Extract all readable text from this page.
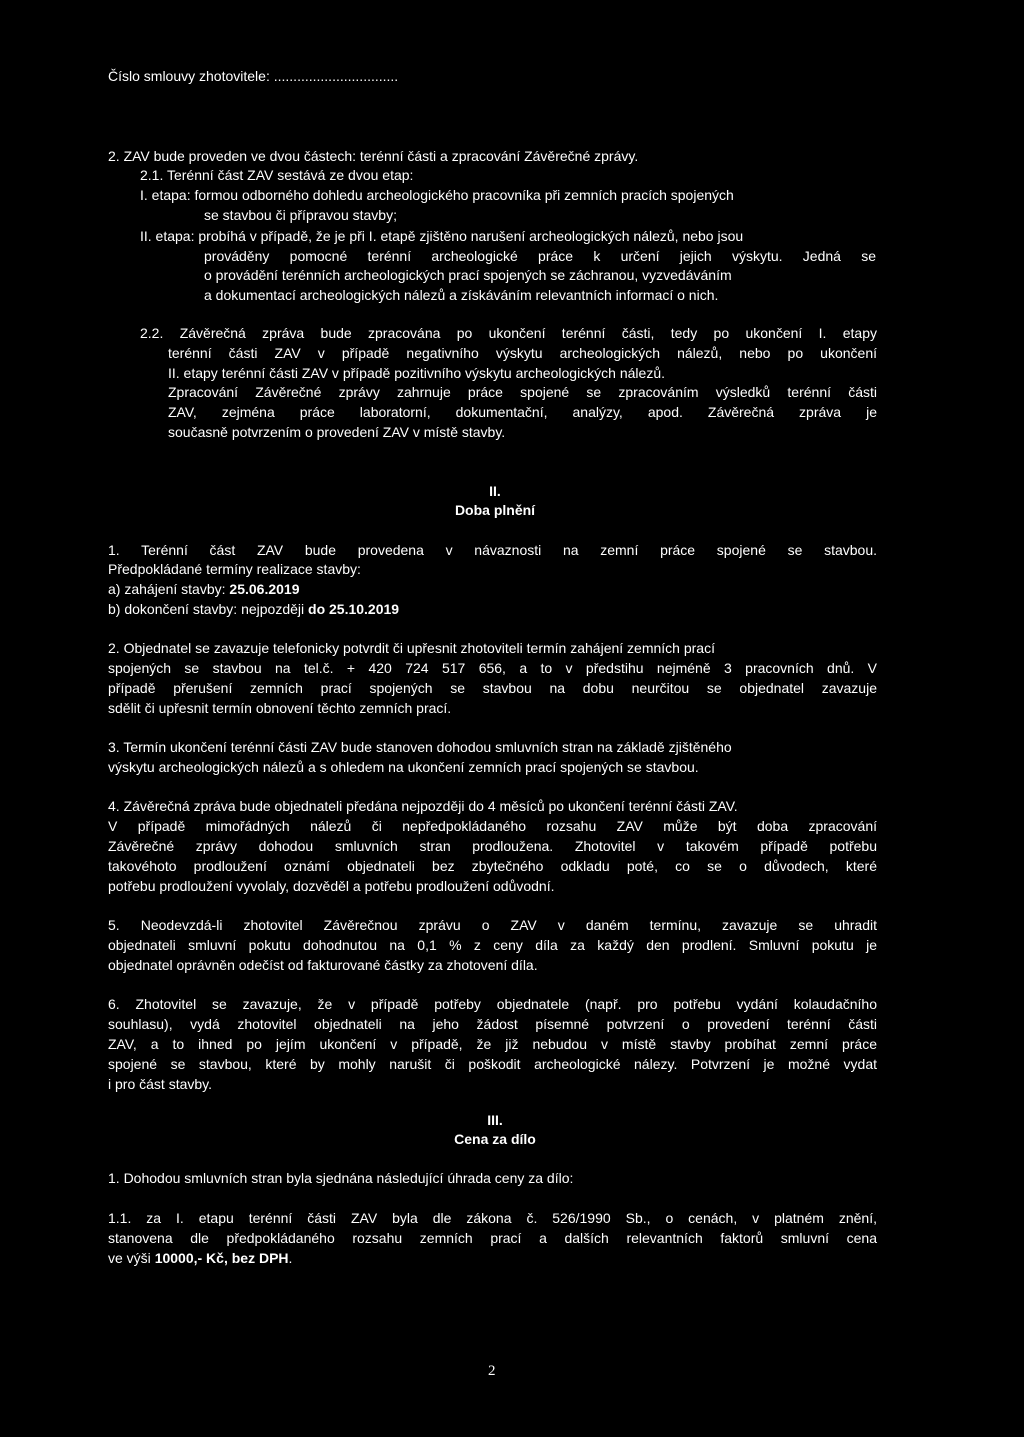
Číslo smlouvy zhotovitele: ................................
2. ZAV bude proveden ve dvou částech: terénní části a zpracování Závěrečné zprávy.
2.1. Terénní část ZAV sestává ze dvou etap:
I. etapa: formou odborného dohledu archeologického pracovníka při zemních pracích spojených
se stavbou či přípravou stavby;
II. etapa: probíhá v případě, že je při I. etapě zjištěno narušení archeologických nálezů, nebo jsou
prováděny pomocné terénní archeologické práce k určení jejich výskytu. Jedná se
o provádění terénních archeologických prací spojených se záchranou, vyzvedáváním
a dokumentací archeologických nálezů a získáváním relevantních informací o nich.
2.2. Závěrečná zpráva bude zpracována po ukončení terénní části, tedy po ukončení I. etapy
terénní části ZAV v případě negativního výskytu archeologických nálezů, nebo po ukončení
II. etapy terénní části ZAV v případě pozitivního výskytu archeologických nálezů.
Zpracování Závěrečné zprávy zahrnuje práce spojené se zpracováním výsledků terénní části
ZAV, zejména práce laboratorní, dokumentační, analýzy, apod. Závěrečná zpráva je
současně potvrzením o provedení ZAV v místě stavby.
II.
Doba plnění
1. Terénní část ZAV bude provedena v návaznosti na zemní práce spojené se stavbou.
Předpokládané termíny realizace stavby:
a) zahájení stavby: 25.06.2019
b) dokončení stavby: nejpozději do 25.10.2019
2. Objednatel se zavazuje telefonicky potvrdit či upřesnit zhotoviteli termín zahájení zemních prací
spojených se stavbou na tel.č. + 420 724 517 656, a to v předstihu nejméně 3 pracovních dnů. V
případě přerušení zemních prací spojených se stavbou na dobu neurčitou se objednatel zavazuje
sdělit či upřesnit termín obnovení těchto zemních prací.
3. Termín ukončení terénní části ZAV bude stanoven dohodou smluvních stran na základě zjištěného
výskytu archeologických nálezů a s ohledem na ukončení zemních prací spojených se stavbou.
4. Závěrečná zpráva bude objednateli předána nejpozději do 4 měsíců po ukončení terénní části ZAV.
V případě mimořádných nálezů či nepředpokládaného rozsahu ZAV může být doba zpracování
Závěrečné zprávy dohodou smluvních stran prodloužena. Zhotovitel v takovém případě potřebu
takovéhoto prodloužení oznámí objednateli bez zbytečného odkladu poté, co se o důvodech, které
potřebu prodloužení vyvolaly, dozvěděl a potřebu prodloužení odůvodní.
5. Neodevzdá-li zhotovitel Závěrečnou zprávu o ZAV v daném termínu, zavazuje se uhradit
objednateli smluvní pokutu dohodnutou na 0,1 % z ceny díla za každý den prodlení. Smluvní pokutu je
objednatel oprávněn odečíst od fakturované částky za zhotovení díla.
6. Zhotovitel se zavazuje, že v případě potřeby objednatele (např. pro potřebu vydání kolaudačního
souhlasu), vydá zhotovitel objednateli na jeho žádost písemné potvrzení o provedení terénní části
ZAV, a to ihned po jejím ukončení v případě, že již nebudou v místě stavby probíhat zemní práce
spojené se stavbou, které by mohly narušit či poškodit archeologické nálezy. Potvrzení je možné vydat
i pro část stavby.
III.
Cena za dílo
1. Dohodou smluvních stran byla sjednána následující úhrada ceny za dílo:
1.1. za I. etapu terénní části ZAV byla dle zákona č. 526/1990 Sb., o cenách, v platném znění,
stanovena dle předpokládaného rozsahu zemních prací a dalších relevantních faktorů smluvní cena
ve výši 10000,- Kč, bez DPH.
2
